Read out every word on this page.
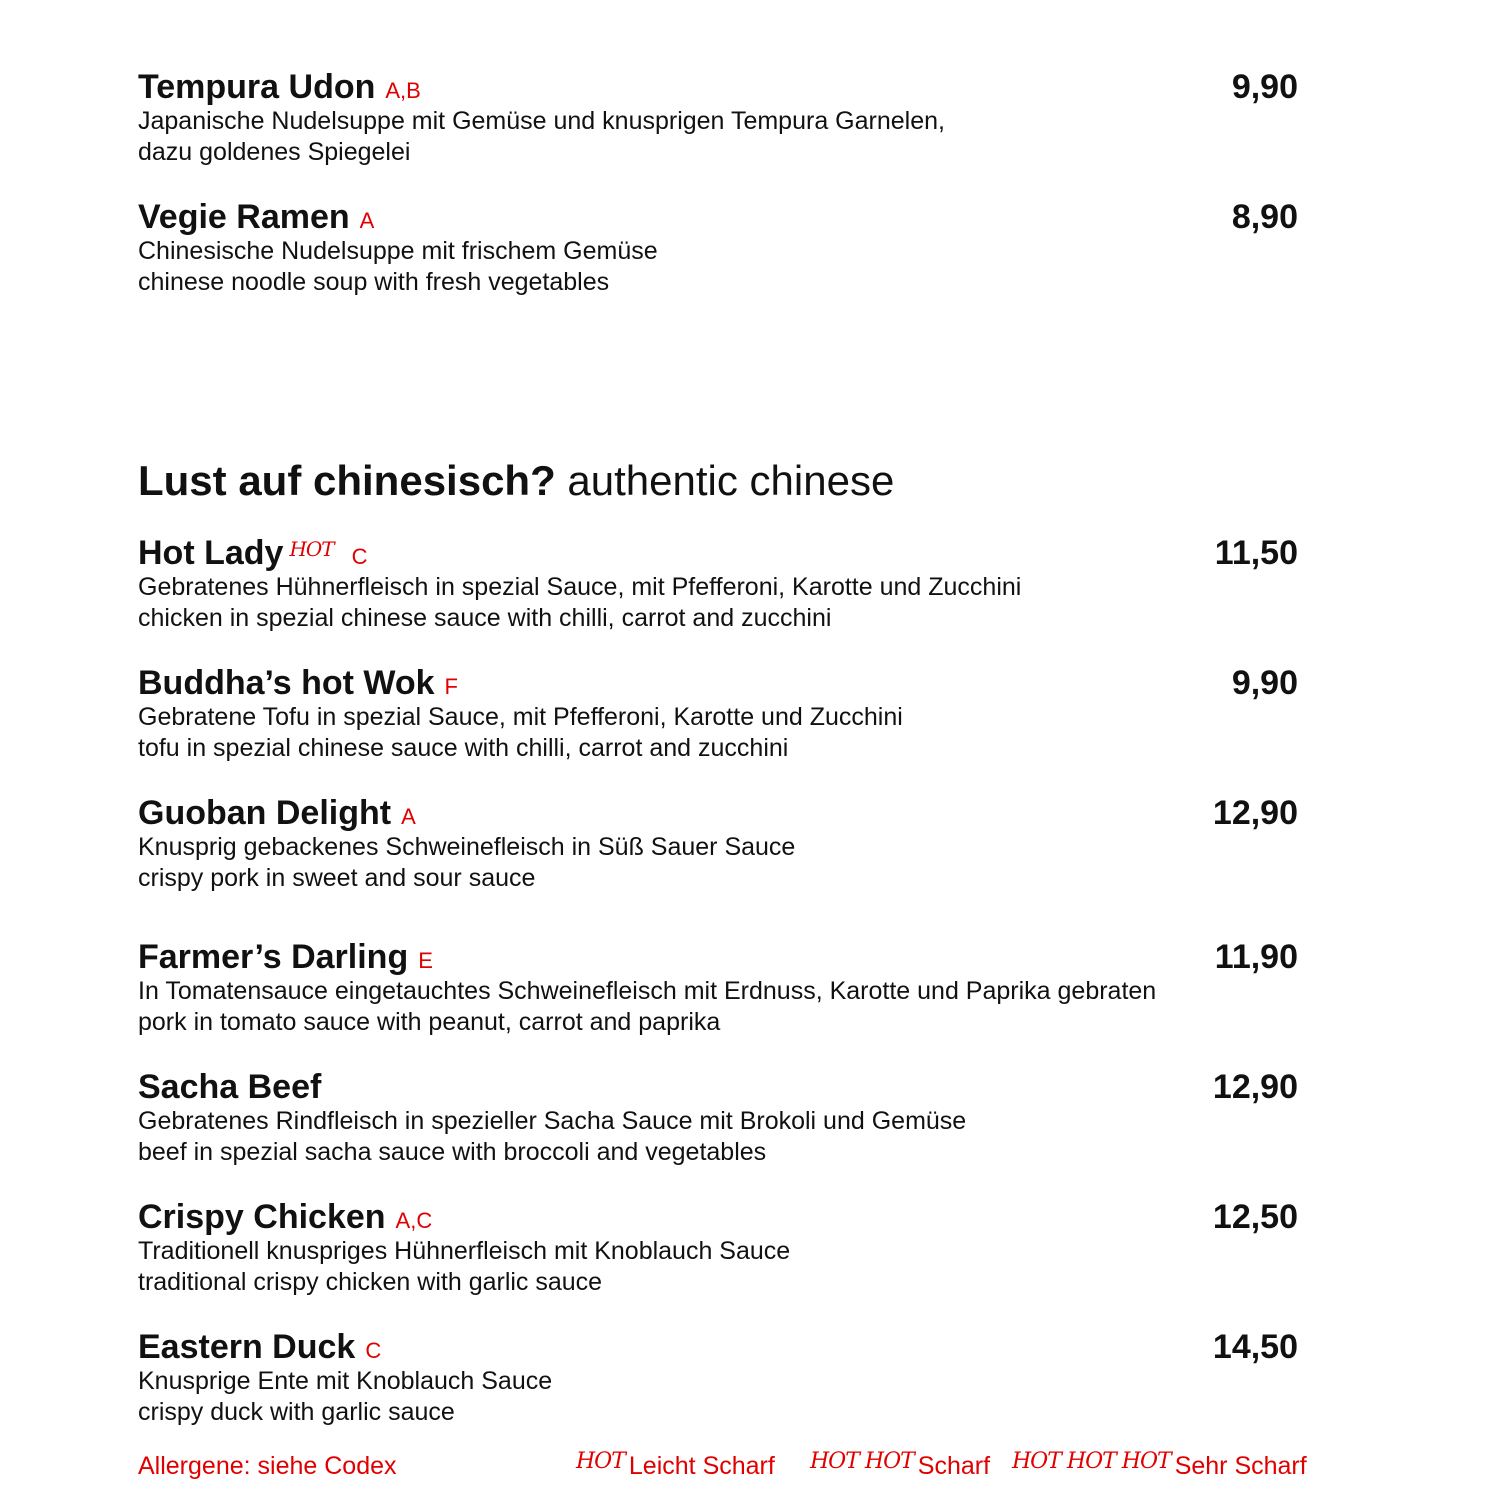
Tempura Udon A,B	9,90
Japanische Nudelsuppe mit Gemüse und knusprigen Tempura Garnelen,
dazu goldenes Spiegelei
Vegie Ramen A	8,90
Chinesische Nudelsuppe mit frischem Gemüse
chinese noodle soup with fresh vegetables
Lust auf chinesisch? authentic chinese
Hot Lady HOT C	11,50
Gebratenes Hühnerfleisch in spezial Sauce, mit Pfefferoni, Karotte und Zucchini
chicken in spezial chinese sauce with chilli, carrot and zucchini
Buddha’s hot Wok F	9,90
Gebratene Tofu in spezial Sauce, mit Pfefferoni, Karotte und Zucchini
tofu in spezial chinese sauce with chilli, carrot and zucchini
Guoban Delight A	12,90
Knusprig gebackenes Schweinefleisch in Süß Sauer Sauce
crispy pork in sweet and sour sauce
Farmer’s Darling E	11,90
In Tomatensauce eingetauchtes Schweinefleisch mit Erdnuss, Karotte und Paprika gebraten
pork in tomato sauce with peanut, carrot and paprika
Sacha Beef	12,90
Gebratenes Rindfleisch in spezieller Sacha Sauce mit Brokoli und Gemüse
beef in spezial sacha sauce with broccoli and vegetables
Crispy Chicken A,C	12,50
Traditionell knuspriges Hühnerfleisch mit Knoblauch Sauce
traditional crispy chicken with garlic sauce
Eastern Duck C	14,50
Knusprige Ente mit Knoblauch Sauce
crispy duck with garlic sauce
Allergene: siehe Codex	HOT Leicht Scharf HOT HOT Scharf HOT HOT HOT Sehr Scharf
